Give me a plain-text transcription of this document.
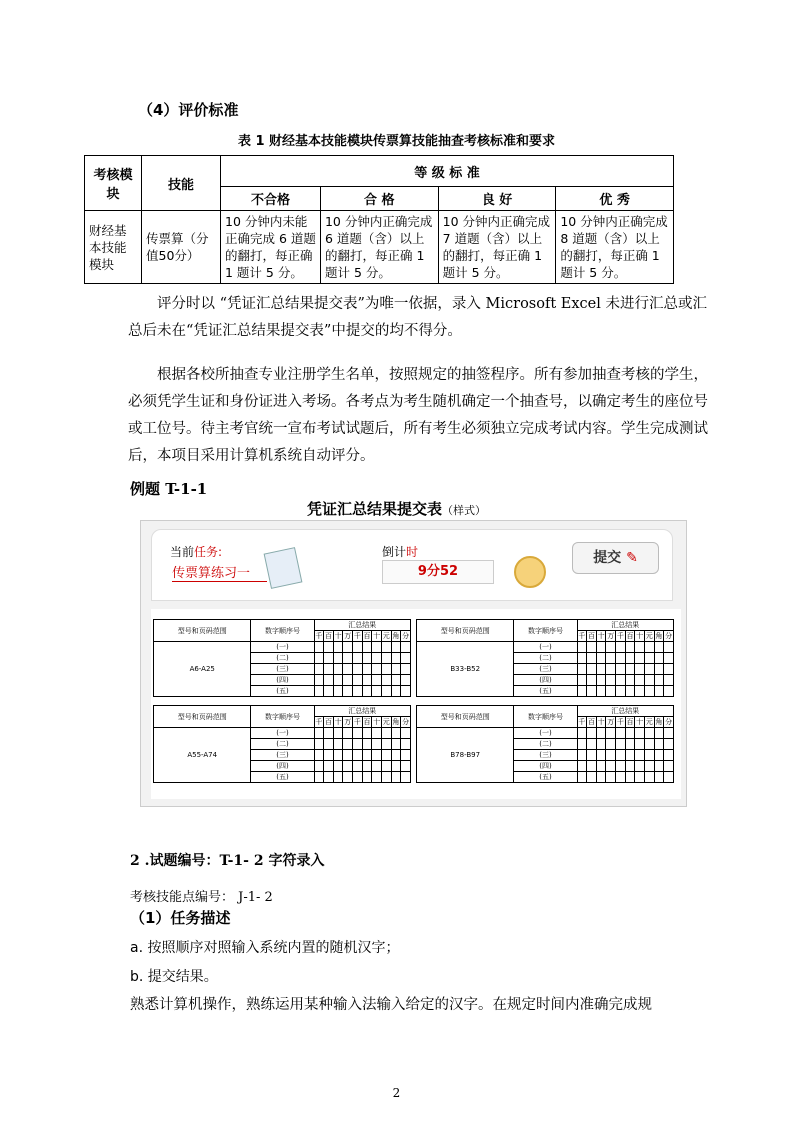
（4）评价标准
表 1 财经基本技能模块传票算技能抽查考核标准和要求
考核模块	技能	等 级 标 准			
		不合格	合 格	良 好	优 秀
财经基本技能模块	传票算（分值50分）	10 分钟内未能正确完成 6 道题的翻打，每正确 1 题计 5 分。	10 分钟内正确完成 6 道题（含）以上的翻打，每正确 1 题计 5 分。	10 分钟内正确完成 7 道题（含）以上的翻打，每正确 1 题计 5 分。	10 分钟内正确完成 8 道题（含）以上的翻打，每正确 1 题计 5 分。
评分时以 “凭证汇总结果提交表”为唯一依据，录入 Microsoft Excel 未进行汇总或汇总后未在“凭证汇总结果提交表”中提交的均不得分。
根据各校所抽查专业注册学生名单，按照规定的抽签程序。所有参加抽查考核的学生，必须凭学生证和身份证进入考场。各考点为考生随机确定一个抽查号，以确定考生的座位号或工位号。待主考官统一宣布考试试题后，所有考生必须独立完成考试内容。学生完成测试后，本项目采用计算机系统自动评分。
例题 T-1-1
凭证汇总结果提交表（样式）
当前任务:
传票算练习一
倒计时
9分52
提交 ✎
型号和页码范围	数字顺序号	汇总结果									
		千	百	十	万	千	百	十	元	角	分
A6-A25	(一)										
	(二)										
	(三)										
	(四)										
	(五)										
型号和页码范围	数字顺序号	汇总结果									
		千	百	十	万	千	百	十	元	角	分
B33-B52	(一)										
	(二)										
	(三)										
	(四)										
	(五)										
型号和页码范围	数字顺序号	汇总结果									
		千	百	十	万	千	百	十	元	角	分
A55-A74	(一)										
	(二)										
	(三)										
	(四)										
	(五)										
型号和页码范围	数字顺序号	汇总结果									
		千	百	十	万	千	百	十	元	角	分
B78-B97	(一)										
	(二)										
	(三)										
	(四)										
	(五)										
2 .试题编号：T-1- 2 字符录入
考核技能点编号： J-1- 2
（1）任务描述
a. 按照顺序对照输入系统内置的随机汉字；
b. 提交结果。
熟悉计算机操作，熟练运用某种输入法输入给定的汉字。在规定时间内准确完成规
2
